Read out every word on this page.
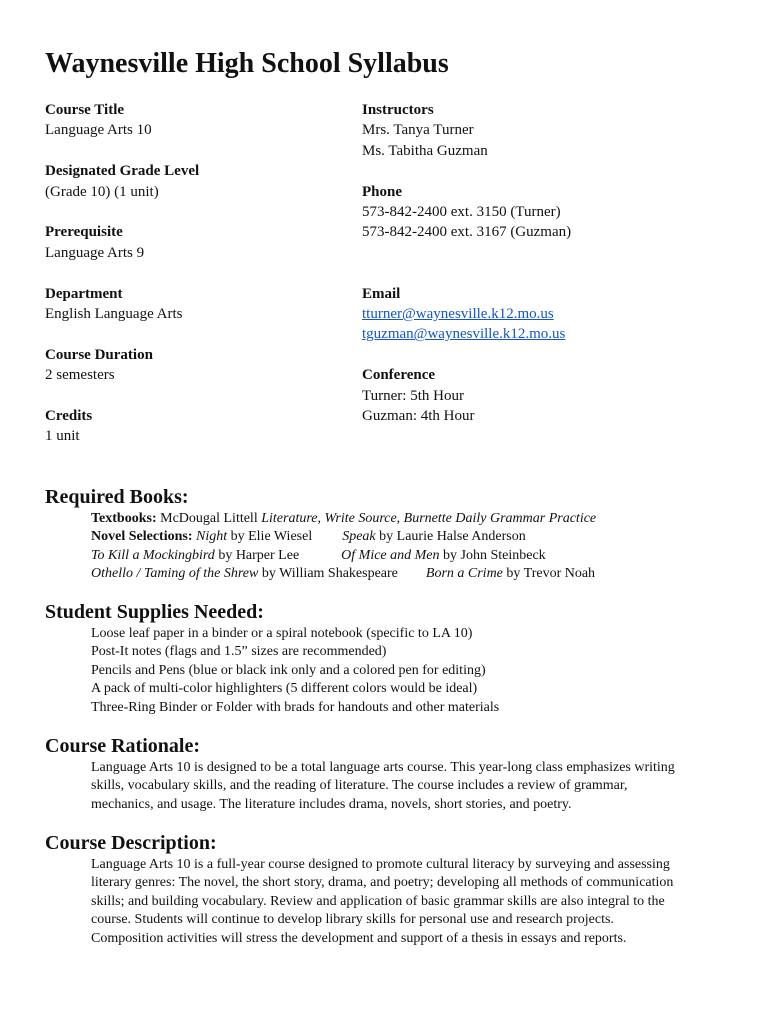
Waynesville High School Syllabus
Course Title
Language Arts 10
Designated Grade Level
(Grade 10) (1 unit)
Prerequisite
Language Arts 9
Department
English Language Arts
Course Duration
2 semesters
Credits
1 unit
Instructors
Mrs. Tanya Turner
Ms. Tabitha Guzman
Phone
573-842-2400 ext. 3150 (Turner)
573-842-2400 ext. 3167 (Guzman)
Email
tturner@waynesville.k12.mo.us
tguzman@waynesville.k12.mo.us
Conference
Turner: 5th Hour
Guzman: 4th Hour
Required Books:

Textbooks: McDougal Littell Literature, Write Source, Burnette Daily Grammar Practice

Novel Selections: Night by Elie Wiesel Speak by Laurie Halse Anderson

To Kill a Mockingbird by Harper Lee	Of Mice and Men by John Steinbeck

Othello / Taming of the Shrew by William Shakespeare Born a Crime by Trevor Noah

Student Supplies Needed:

Loose leaf paper in a binder or a spiral notebook (specific to LA 10)

Post-It notes (flags and 1.5” sizes are recommended)

Pencils and Pens (blue or black ink only and a colored pen for editing)

A pack of multi-color highlighters (5 different colors would be ideal)

Three-Ring Binder or Folder with brads for handouts and other materials

Course Rationale:

Language Arts 10 is designed to be a total language arts course. This year-long class emphasizes writing

skills, vocabulary skills, and the reading of literature. The course includes a review of grammar,

mechanics, and usage. The literature includes drama, novels, short stories, and poetry.

Course Description:

Language Arts 10 is a full-year course designed to promote cultural literacy by surveying and assessing

literary genres: The novel, the short story, drama, and poetry; developing all methods of communication

skills; and building vocabulary. Review and application of basic grammar skills are also integral to the

course. Students will continue to develop library skills for personal use and research projects.

Composition activities will stress the development and support of a thesis in essays and reports.
